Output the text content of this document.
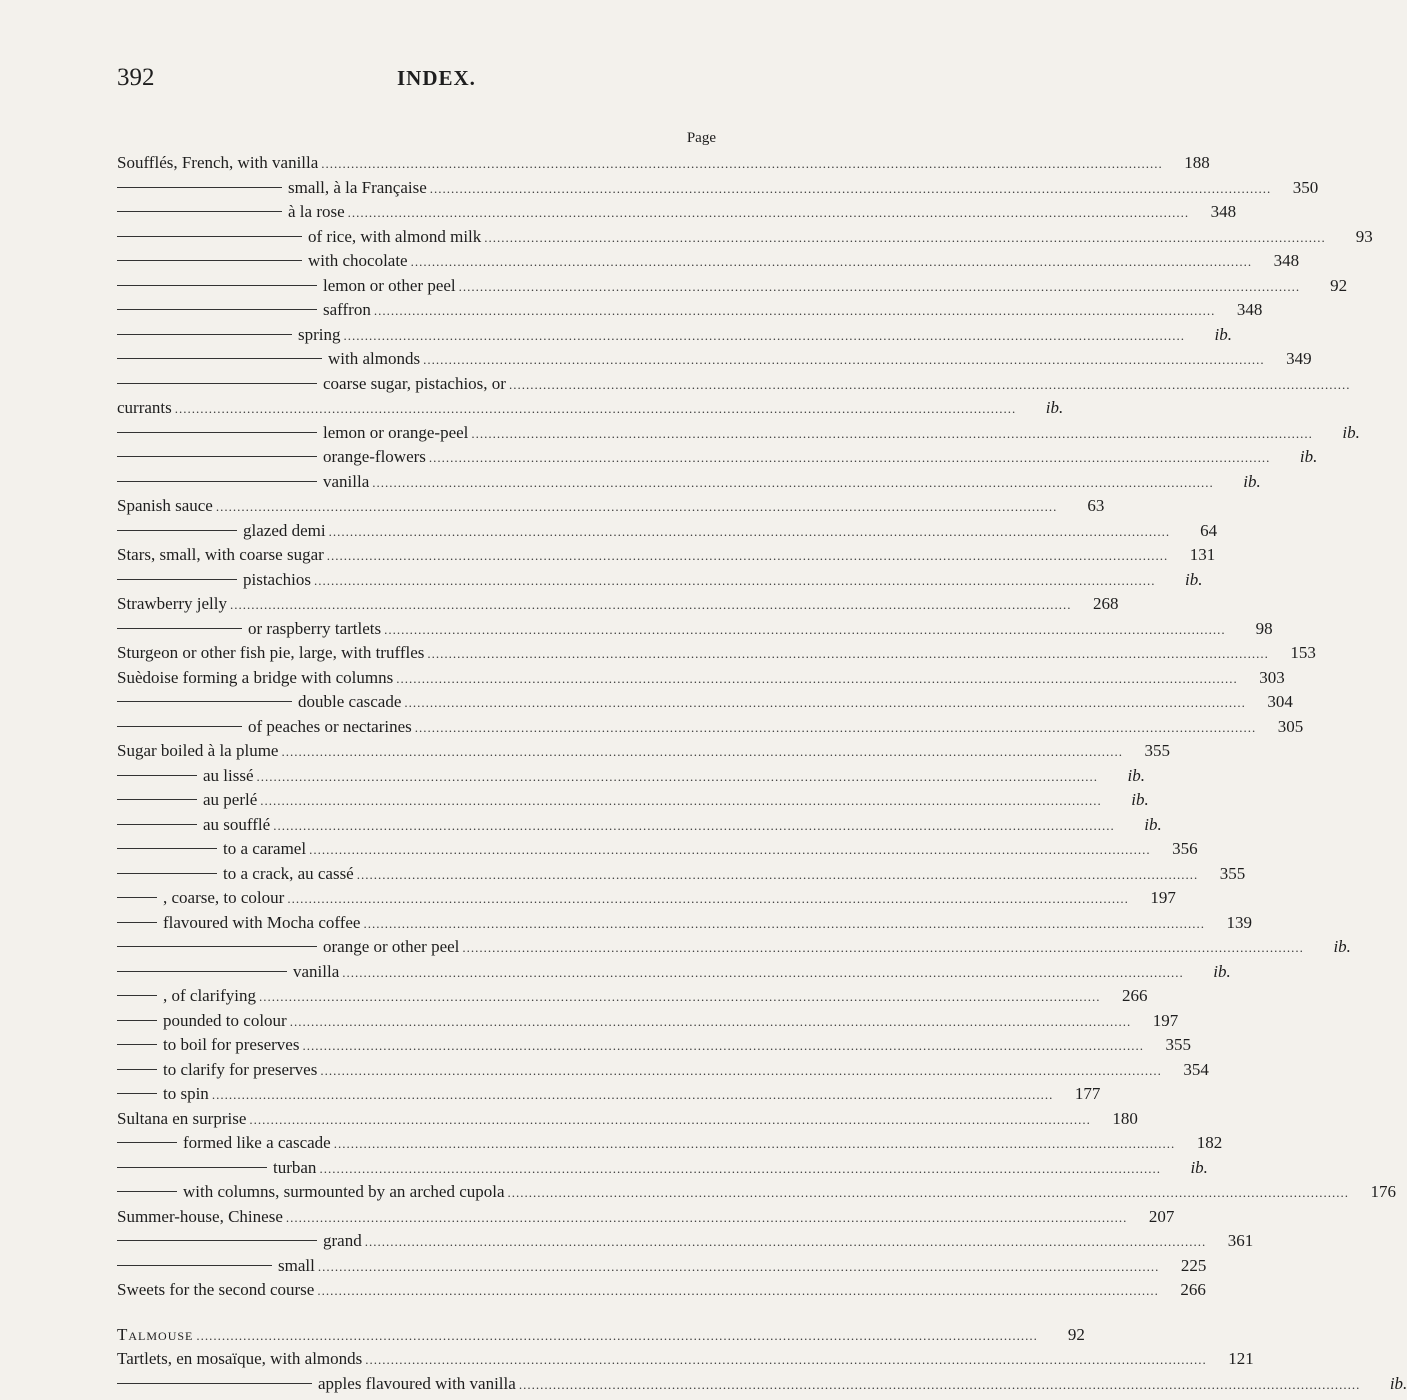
392	INDEX.
Page
Soufflés, French, with vanilla .....	188
small, à la Française .....	350
à la rose .....	348
of rice, with almond milk .....	93
with chocolate .....	348
lemon or other peel .....	92
saffron .....	348
spring .....	ib.
with almonds .....	349
coarse sugar, pistachios, or
.....
currants .....	ib.
lemon or orange-peel .....	ib.
orange-flowers .....	ib.
vanilla .....	ib.
Spanish sauce .....	63
glazed demi .....	64
Stars, small, with coarse sugar .....	131
pistachios .....	ib.
Strawberry jelly .....	268
or raspberry tartlets .....	98
Sturgeon or other fish pie, large, with truffles .....	153
Suèdoise forming a bridge with columns .....	303
double cascade .....	304
of peaches or nectarines .....	305
Sugar boiled à la plume .....	355
au lissé .....	ib.
au perlé .....	ib.
au soufflé .....	ib.
to a caramel .....	356
to a crack, au cassé .....	355
, coarse, to colour .....	197
flavoured with Mocha coffee .....	139
orange or other peel .....	ib.
vanilla .....	ib.
, of clarifying .....	266
pounded to colour .....	197
to boil for preserves .....	355
to clarify for preserves .....	354
to spin .....	177
Sultana en surprise .....	180
formed like a cascade .....	182
turban .....	ib.
with columns, surmounted by an arched cupola .....	176
Summer-house, Chinese .....	207
grand .....	361
small .....	225
Sweets for the second course .....	266
Talmouse .....	92
Tartlets, en mosaïque, with almonds .....	121
apples flavoured with vanilla .....	ib.
